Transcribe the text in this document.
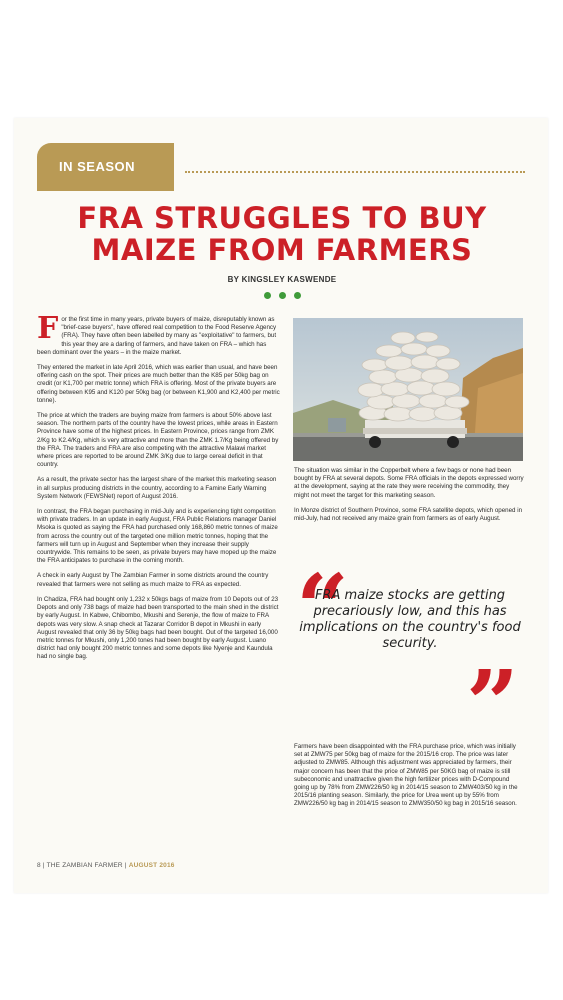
IN SEASON
FRA STRUGGLES TO BUY
MAIZE FROM FARMERS
BY KINGSLEY KASWENDE

For the first time in many years, private buyers of maize, disreputably known as "brief-case buyers", have offered real competition to the Food Reserve Agency (FRA). They have often been labelled by many as "exploitative" to farmers, but this year they are a darling of farmers, and have taken on FRA – which has been dominant over the years – in the maize market.

They entered the market in late April 2016, which was earlier than usual, and have been offering cash on the spot. Their prices are much better than the K85 per 50kg bag on credit (or K1,700 per metric tonne) which FRA is offering. Most of the private buyers are offering between K95 and K120 per 50kg bag (or between K1,900 and K2,400 per metric tonne).

The price at which the traders are buying maize from farmers is about 50% above last season. The northern parts of the country have the lowest prices, while areas in Eastern Province have some of the highest prices. In Eastern Province, prices range from ZMK 2/Kg to K2.4/Kg, which is very attractive and more than the ZMK 1.7/Kg being offered by the FRA. The traders and FRA are also competing with the attractive Malawi market where prices are reported to be around ZMK 3/Kg due to large cereal deficit in that country.

As a result, the private sector has the largest share of the market this marketing season in all surplus producing districts in the country, according to a Famine Early Warning System Network (FEWSNet) report of August 2016.

In contrast, the FRA began purchasing in mid-July and is experiencing tight competition with private traders. In an update in early August, FRA Public Relations manager Daniel Msoka is quoted as saying the FRA had purchased only 168,860 metric tonnes of maize from across the country out of the targeted one million metric tonnes, hoping that the farmers will turn up in August and September when they increase their supply countrywide. This remains to be seen, as private buyers may have moped up the maize the FRA anticipates to purchase in the coming month.

A check in early August by The Zambian Farmer in some districts around the country revealed that farmers were not selling as much maize to FRA as expected.

In Chadiza, FRA had bought only 1,232 x 50kgs bags of maize from 10 Depots out of 23 Depots and only 738 bags of maize had been transported to the main shed in the district by early August. In Kabwe, Chibombo, Mkushi and Serenje, the flow of maize to FRA depots was very slow. A snap check at Tazarar Corridor B depot in Mkushi in early August revealed that only 36 by 50kg bags had been bought. Out of the targeted 16,000 metric tonnes for Mkushi, only 1,200 tones had been bought by early August. Luano district had only bought 200 metric tonnes and some depots like Nyenje and Kaundula had no single bag.

The situation was similar in the Copperbelt where a few bags or none had been bought by FRA at several depots. Some FRA officials in the depots expressed worry at the development, saying at the rate they were receiving the commodity, they might not meet the target for this marketing season.

In Monze district of Southern Province, some FRA satellite depots, which opened in mid-July, had not received any maize grain from farmers as of early August.

“
FRA maize stocks are getting precariously low, and this has implications on the country's food security.
”

Farmers have been disappointed with the FRA purchase price, which was initially set at ZMW75 per 50kg bag of maize for the 2015/16 crop. The price was later adjusted to ZMW85. Although this adjustment was appreciated by farmers, their major concern has been that the price of ZMW85 per 50KG bag of maize is still subeconomic and unattractive given the high fertilizer prices with D-Compound going up by 78% from ZMW226/50 kg in 2014/15 season to ZMW403/50 kg in the 2015/16 planting season. Similarly, the price for Urea went up by 55% from ZMW226/50 kg bag in 2014/15 season to ZMW350/50 kg bag in 2015/16 season.

8 | THE ZAMBIAN FARMER | AUGUST 2016
